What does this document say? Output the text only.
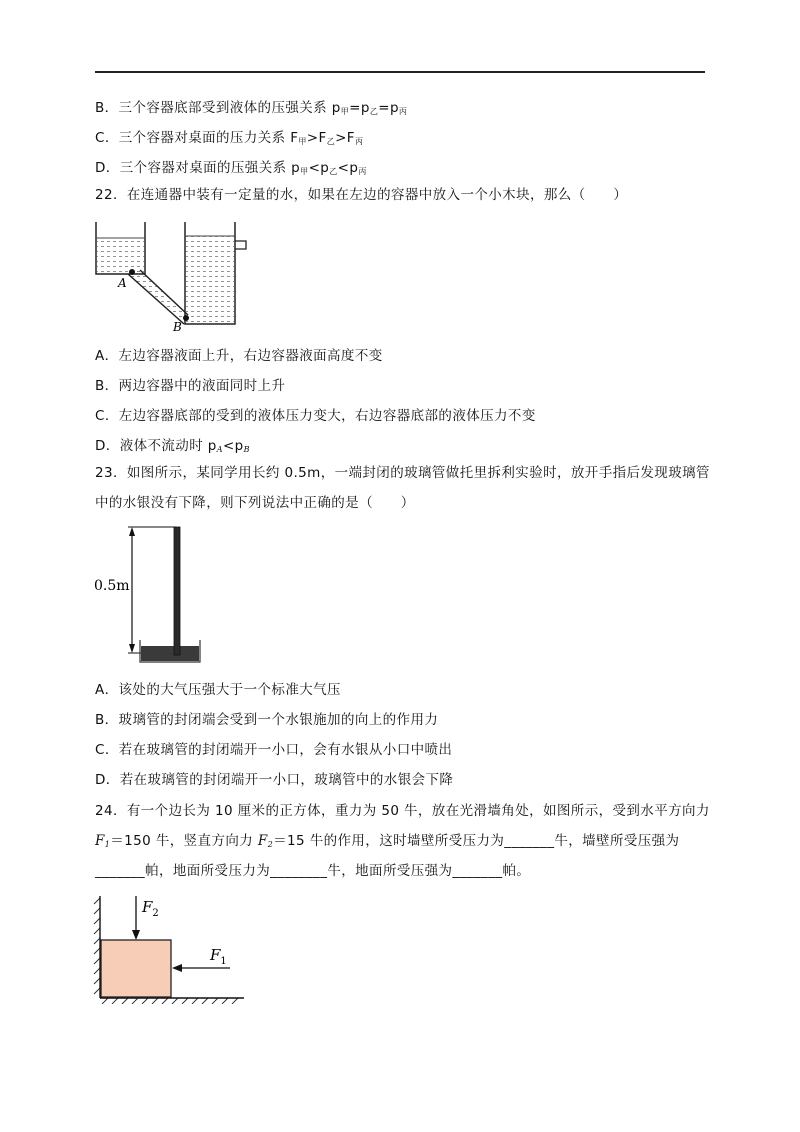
B．三个容器底部受到液体的压强关系 $p_甲=p_乙=p_丙$
C．三个容器对桌面的压力关系 $F_甲>F_乙>F_丙$
D．三个容器对桌面的压强关系 $p_甲<p_乙<p_丙$
22．在连通器中装有一定量的水，如果在左边的容器中放入一个小木块，那么（　　）
A
B
A．左边容器液面上升，右边容器液面高度不变
B．两边容器中的液面同时上升
C．左边容器底部的受到的液体压力变大，右边容器底部的液体压力不变
D．液体不流动时 $p_A<p_B$
23．如图所示，某同学用长约 0.5m，一端封闭的玻璃管做托里拆利实验时，放开手指后发现玻璃管
中的水银没有下降，则下列说法中正确的是（　　）
0.5m
A．该处的大气压强大于一个标准大气压
B．玻璃管的封闭端会受到一个水银施加的向上的作用力
C．若在玻璃管的封闭端开一小口，会有水银从小口中喷出
D．若在玻璃管的封闭端开一小口，玻璃管中的水银会下降
24．有一个边长为 10 厘米的正方体，重力为 50 牛，放在光滑墙角处，如图所示，受到水平方向力
$F_1=150$ 牛，竖直方向力 $F_2=15$ 牛的作用，这时墙壁所受压力为_______牛，墙壁所受压强为
_______帕，地面所受压力为________牛，地面所受压强为_______帕。
$F_2$
$F_1$
